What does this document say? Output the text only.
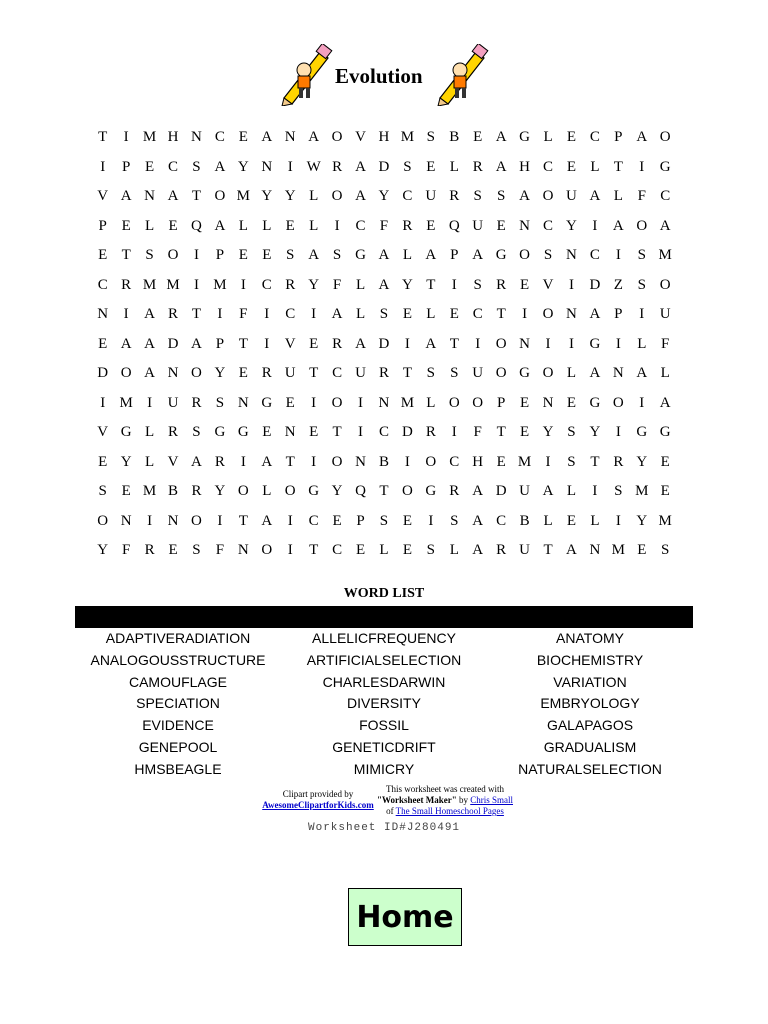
Evolution
T	I M H N C E A N A O V H M S B E A G L E C P A O
I	P E C S A Y N	I W R A D S E L R A H C E L T	I	G
V A N A T O M Y Y L O A Y C U R S	S A O U A L F C
P E L E Q A L L E L	I	C F R E Q U E N C Y	I	A O A
E T S O	I	P E E S A S G A L A P A G O S N C	I	S M
C R M M I M I	C R Y F L A Y T	I	S R E V	I	D Z S O
N	I	A R T	I	F	I	C	I	A L S E L E C T	I	O N A P	I	U
E A A D A P T	I	V E R A D	I	A T	I	O N	I	I	G	I	L F
D O A N O Y E R U T C U R T S	S U O G O L A N A L
I M I	U R S N G E	I	O	I	N M L O O P E N E G O	I	A
V G L R S G G E N E T	I	C D R	I	F T E Y S Y	I	G G
E Y L V A R	I	A T	I	O N B	I	O C H E M I	S T R Y E
S E M B R Y O L O G Y Q T O G R A D U A L	I	S M E
O N	I	N O	I	T A	I	C E P	S E	I	S A C B L E L	I	Y M
Y F R E S	F N O	I	T C E L E S L A R U T A N M E S
WORD LIST
ADAPTIVERADIATION	ALLELICFREQUENCY	ANATOMY
ANALOGOUSSTRUCTURE	ARTIFICIALSELECTION	BIOCHEMISTRY
CAMOUFLAGE	CHARLESDARWIN	VARIATION
SPECIATION	DIVERSITY	EMBRYOLOGY
EVIDENCE	FOSSIL	GALAPAGOS
GENEPOOL	GENETICDRIFT	GRADUALISM
HMSBEAGLE	MIMICRY	NATURALSELECTION
Clipart provided by
AwesomeClipartforKids.com
This worksheet was created with
"Worksheet Maker" by Chris Small
of The Small Homeschool Pages
Worksheet ID#J280491
Home
